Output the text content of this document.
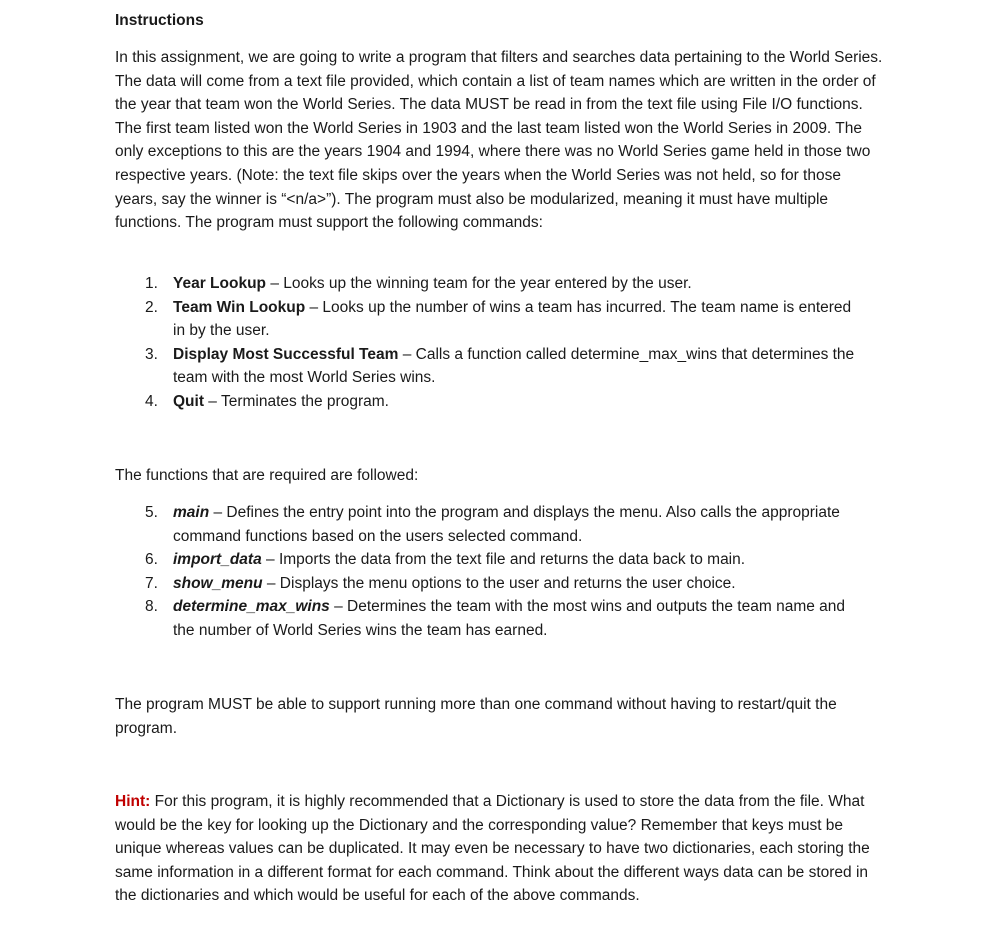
Instructions
In this assignment, we are going to write a program that filters and searches data pertaining to the World Series. The data will come from a text file provided, which contain a list of team names which are written in the order of the year that team won the World Series. The data MUST be read in from the text file using File I/O functions. The first team listed won the World Series in 1903 and the last team listed won the World Series in 2009. The only exceptions to this are the years 1904 and 1994, where there was no World Series game held in those two respective years. (Note: the text file skips over the years when the World Series was not held, so for those years, say the winner is “<n/a>”). The program must also be modularized, meaning it must have multiple functions. The program must support the following commands:
1. Year Lookup – Looks up the winning team for the year entered by the user.
2. Team Win Lookup – Looks up the number of wins a team has incurred. The team name is entered in by the user.
3. Display Most Successful Team – Calls a function called determine_max_wins that determines the team with the most World Series wins.
4. Quit – Terminates the program.
The functions that are required are followed:
5. main – Defines the entry point into the program and displays the menu. Also calls the appropriate command functions based on the users selected command.
6. import_data – Imports the data from the text file and returns the data back to main.
7. show_menu – Displays the menu options to the user and returns the user choice.
8. determine_max_wins – Determines the team with the most wins and outputs the team name and the number of World Series wins the team has earned.
The program MUST be able to support running more than one command without having to restart/quit the program.
Hint: For this program, it is highly recommended that a Dictionary is used to store the data from the file. What would be the key for looking up the Dictionary and the corresponding value? Remember that keys must be unique whereas values can be duplicated. It may even be necessary to have two dictionaries, each storing the same information in a different format for each command. Think about the different ways data can be stored in the dictionaries and which would be useful for each of the above commands.
